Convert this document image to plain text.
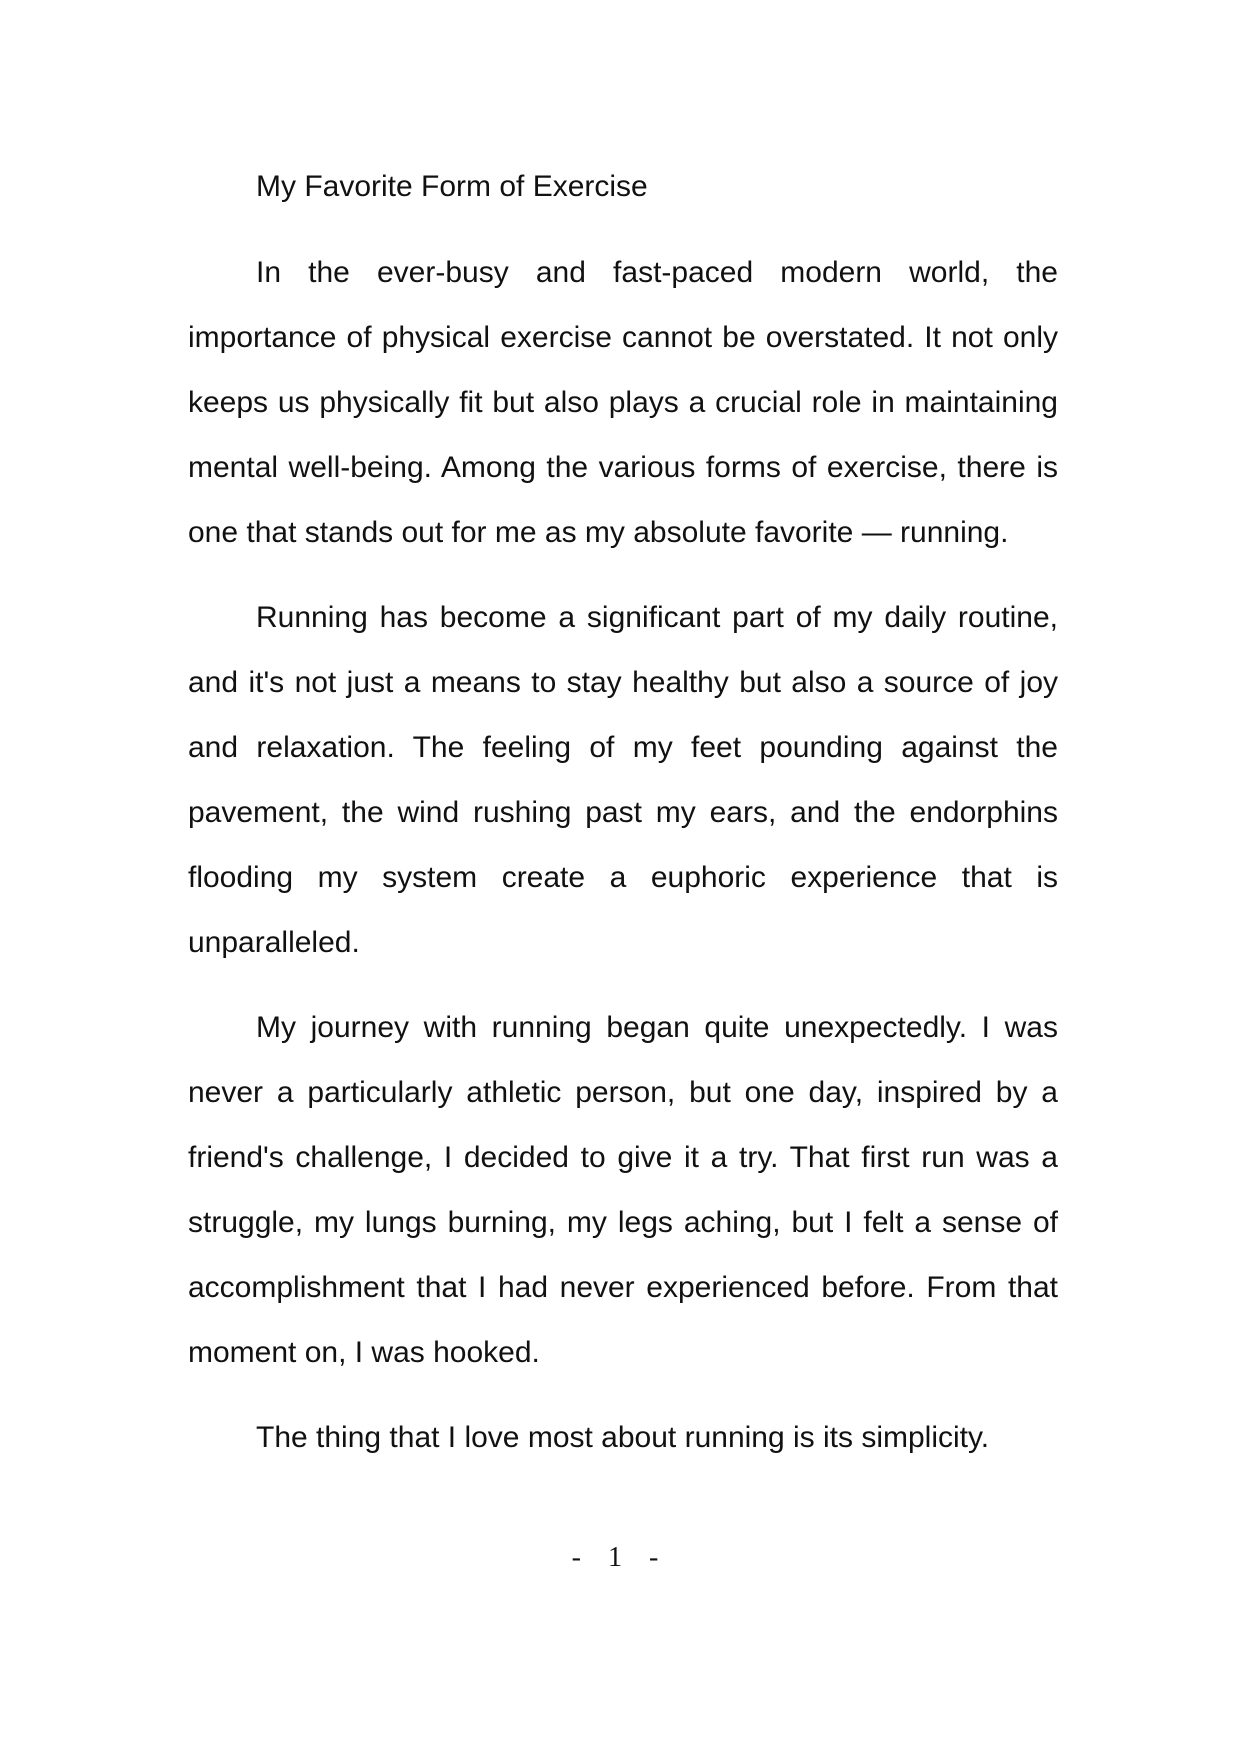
My Favorite Form of Exercise

In the ever-busy and fast-paced modern world, the importance of physical exercise cannot be overstated. It not only keeps us physically fit but also plays a crucial role in maintaining mental well-being. Among the various forms of exercise, there is one that stands out for me as my absolute favorite — running.

Running has become a significant part of my daily routine, and it's not just a means to stay healthy but also a source of joy and relaxation. The feeling of my feet pounding against the pavement, the wind rushing past my ears, and the endorphins flooding my system create a euphoric experience that is unparalleled.

My journey with running began quite unexpectedly. I was never a particularly athletic person, but one day, inspired by a friend's challenge, I decided to give it a try. That first run was a struggle, my lungs burning, my legs aching, but I felt a sense of accomplishment that I had never experienced before. From that moment on, I was hooked.

The thing that I love most about running is its simplicity.

- 1 -
